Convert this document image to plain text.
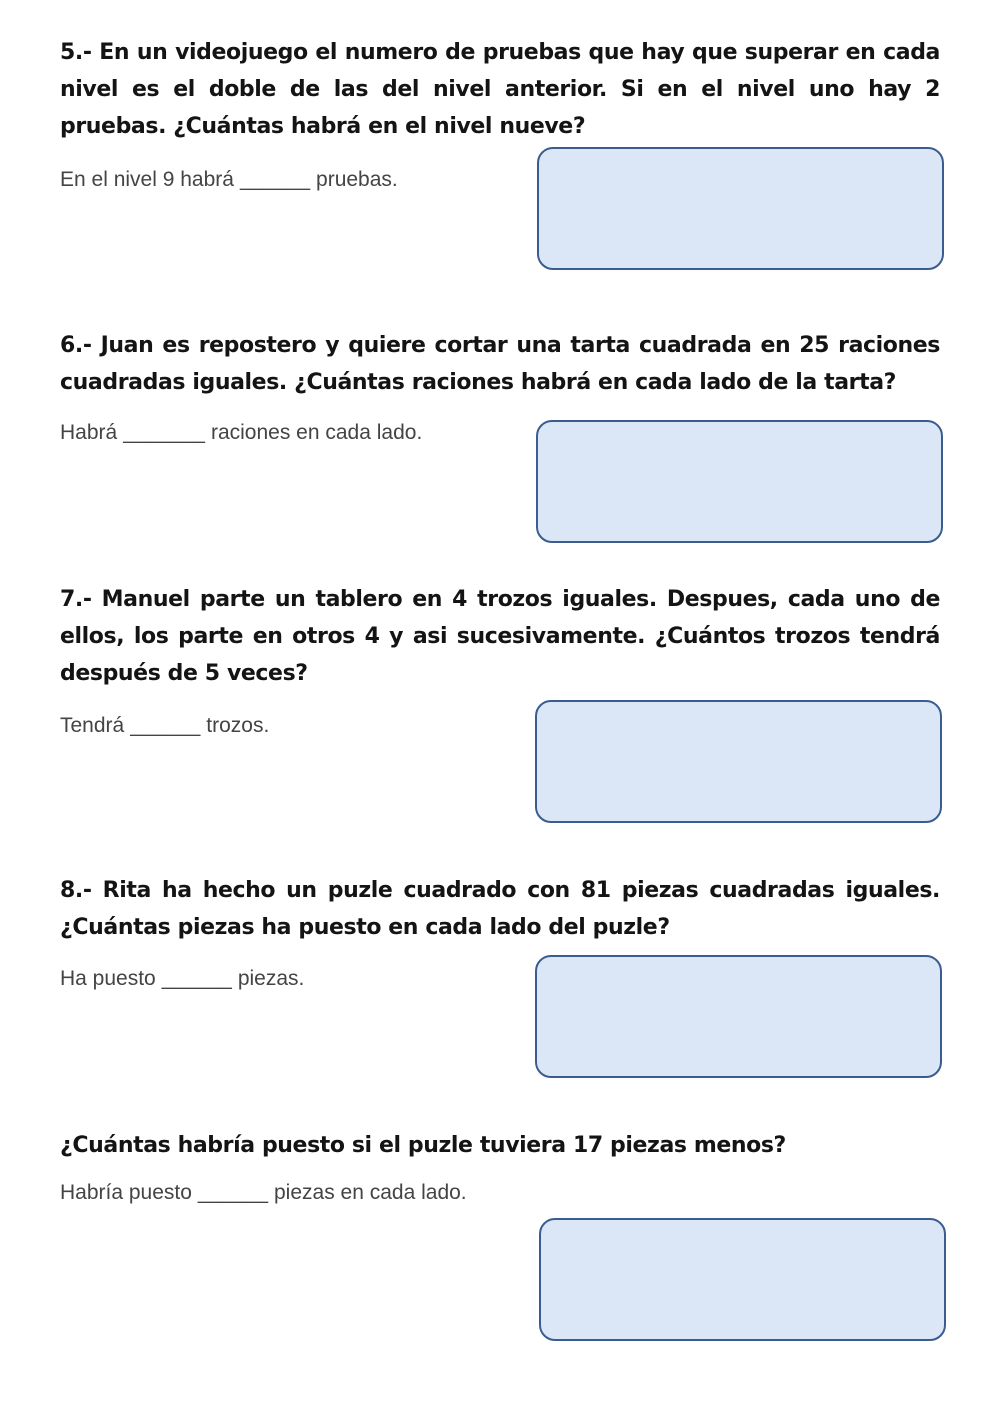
5.- En un videojuego el numero de pruebas que hay que superar en cada nivel es el doble de las del nivel anterior. Si en el nivel uno hay 2 pruebas. ¿Cuántas habrá en el nivel nueve?
En el nivel 9 habrá ______ pruebas.
6.- Juan es repostero y quiere cortar una tarta cuadrada en 25 raciones cuadradas iguales. ¿Cuántas raciones habrá en cada lado de la tarta?
Habrá _______ raciones en cada lado.
7.- Manuel parte un tablero en 4 trozos iguales. Despues, cada uno de ellos, los parte en otros 4 y asi sucesivamente. ¿Cuántos trozos tendrá después de 5 veces?
Tendrá ______ trozos.
8.- Rita ha hecho un puzle cuadrado con 81 piezas cuadradas iguales. ¿Cuántas piezas ha puesto en cada lado del puzle?
Ha puesto ______ piezas.
¿Cuántas habría puesto si el puzle tuviera 17 piezas menos?
Habría puesto ______ piezas en cada lado.
